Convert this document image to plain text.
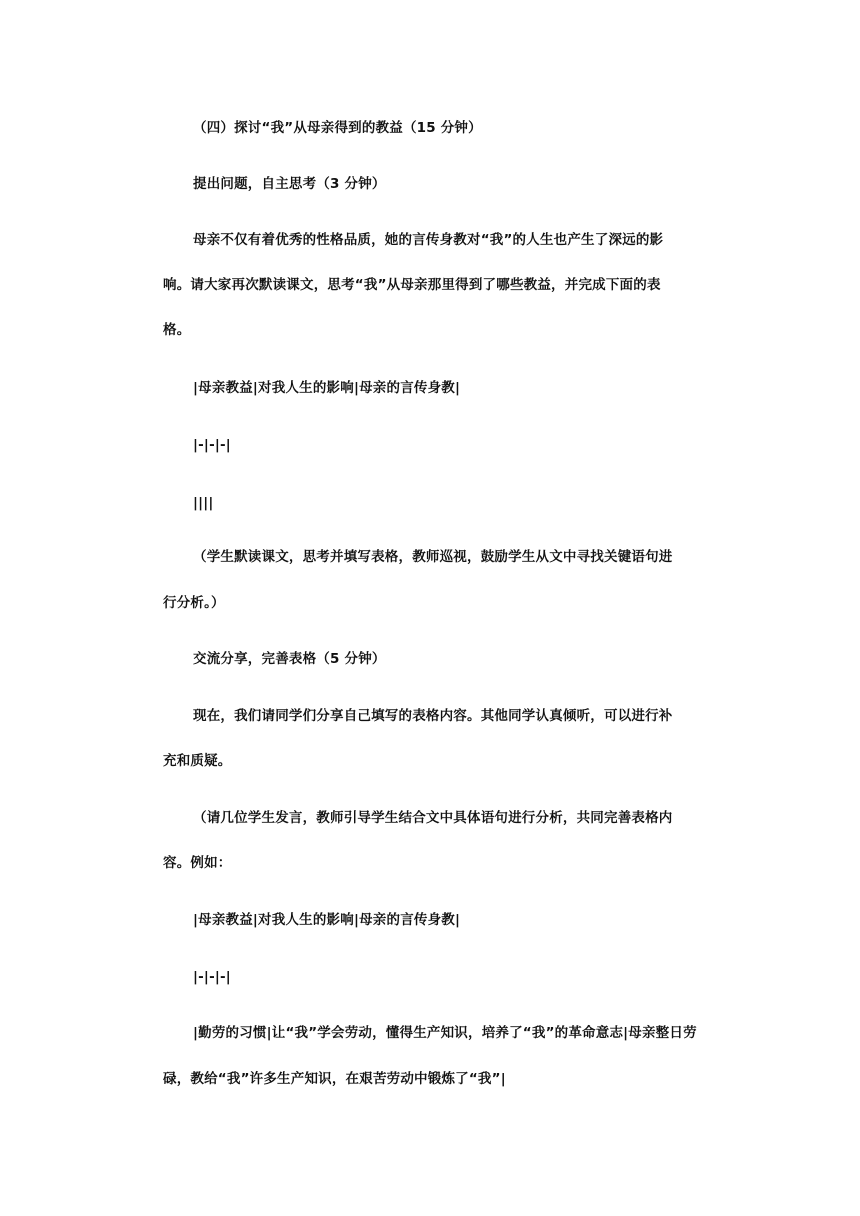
（四）探讨“我”从母亲得到的教益（15 分钟）
提出问题，自主思考（3 分钟）
母亲不仅有着优秀的性格品质，她的言传身教对“我”的人生也产生了深远的影
响。请大家再次默读课文，思考“我”从母亲那里得到了哪些教益，并完成下面的表
格。
|母亲教益|对我人生的影响|母亲的言传身教|
|-|-|-|
||||
（学生默读课文，思考并填写表格，教师巡视，鼓励学生从文中寻找关键语句进
行分析。）
交流分享，完善表格（5 分钟）
现在，我们请同学们分享自己填写的表格内容。其他同学认真倾听，可以进行补
充和质疑。
（请几位学生发言，教师引导学生结合文中具体语句进行分析，共同完善表格内
容。例如：
|母亲教益|对我人生的影响|母亲的言传身教|
|-|-|-|
|勤劳的习惯|让“我”学会劳动，懂得生产知识，培养了“我”的革命意志|母亲整日劳
碌，教给“我”许多生产知识，在艰苦劳动中锻炼了“我”|
